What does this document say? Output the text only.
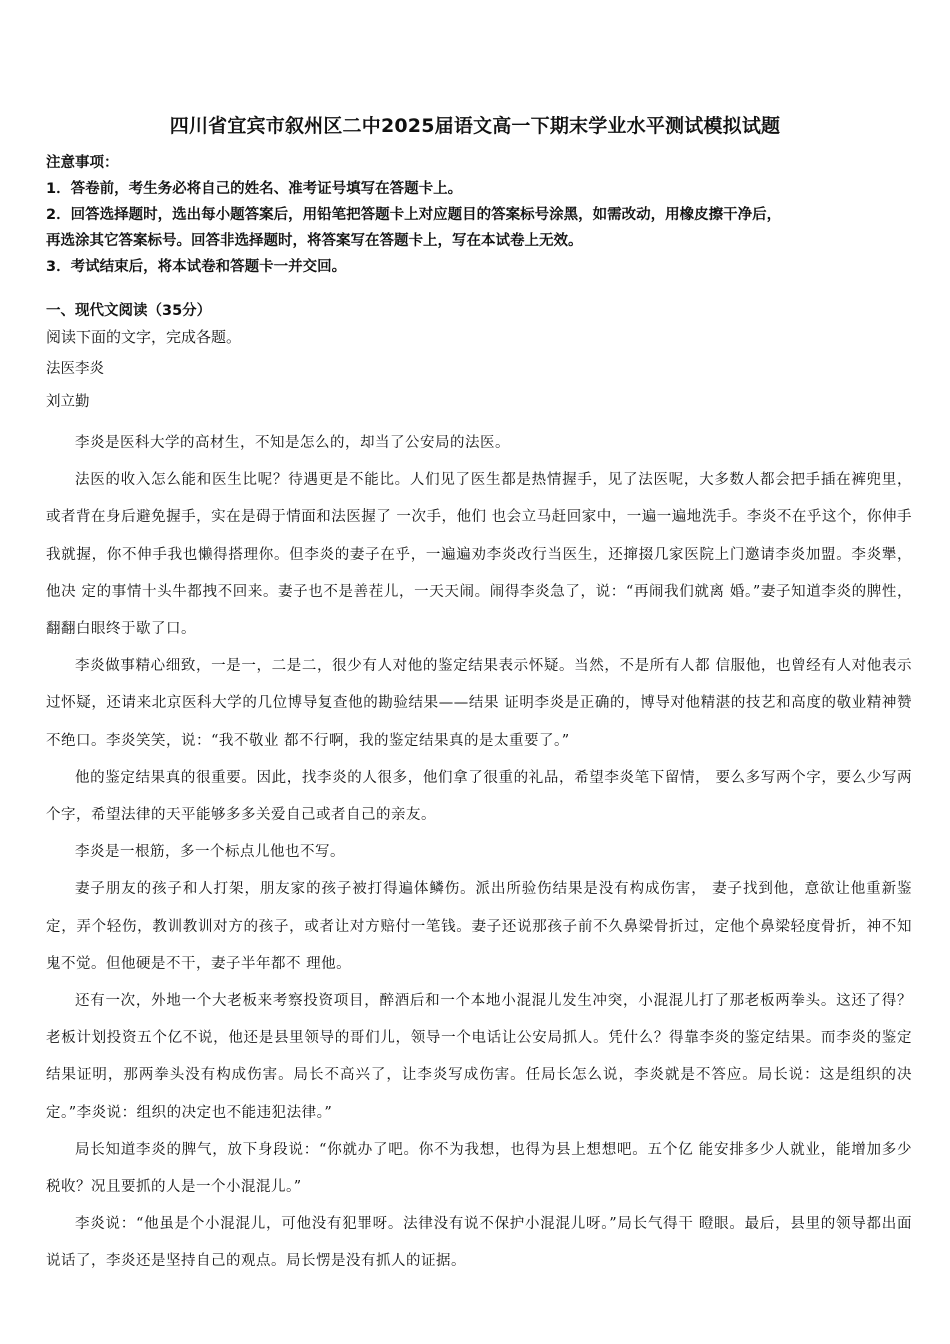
四川省宜宾市叙州区二中2025届语文高一下期末学业水平测试模拟试题
注意事项：
1．答卷前，考生务必将自己的姓名、准考证号填写在答题卡上。
2．回答选择题时，选出每小题答案后，用铅笔把答题卡上对应题目的答案标号涂黑，如需改动，用橡皮擦干净后，
再选涂其它答案标号。回答非选择题时，将答案写在答题卡上，写在本试卷上无效。
3．考试结束后，将本试卷和答题卡一并交回。
一、现代文阅读（35分）
阅读下面的文字，完成各题。
法医李炎
刘立勤

李炎是医科大学的高材生，不知是怎么的，却当了公安局的法医。

法医的收入怎么能和医生比呢？待遇更是不能比。人们见了医生都是热情握手，见了法医呢，大多数人都会把手插在裤兜里，或者背在身后避免握手，实在是碍于情面和法医握了 一次手，他们 也会立马赶回家中，一遍一遍地洗手。李炎不在乎这个，你伸手我就握，你不伸手我也懒得搭理你。但李炎的妻子在乎，一遍遍劝李炎改行当医生，还撺掇几家医院上门邀请李炎加盟。李炎犟，他决 定的事情十头牛都拽不回来。妻子也不是善茬儿，一天天闹。闹得李炎急了，说：“再闹我们就离 婚。”妻子知道李炎的脾性，翻翻白眼终于歇了口。

李炎做事精心细致，一是一，二是二，很少有人对他的鉴定结果表示怀疑。当然，不是所有人都 信服他，也曾经有人对他表示过怀疑，还请来北京医科大学的几位博导复查他的勘验结果——结果 证明李炎是正确的，博导对他精湛的技艺和高度的敬业精神赞不绝口。李炎笑笑，说：“我不敬业 都不行啊，我的鉴定结果真的是太重要了。”

他的鉴定结果真的很重要。因此，找李炎的人很多，他们拿了很重的礼品，希望李炎笔下留情， 要么多写两个字，要么少写两个字，希望法律的天平能够多多关爱自己或者自己的亲友。

李炎是一根筋，多一个标点儿他也不写。

妻子朋友的孩子和人打架，朋友家的孩子被打得遍体鳞伤。派出所验伤结果是没有构成伤害， 妻子找到他，意欲让他重新鉴定，弄个轻伤，教训教训对方的孩子，或者让对方赔付一笔钱。妻子还说那孩子前不久鼻梁骨折过，定他个鼻梁轻度骨折，神不知鬼不觉。但他硬是不干，妻子半年都不 理他。

还有一次，外地一个大老板来考察投资项目，醉酒后和一个本地小混混儿发生冲突，小混混儿打了那老板两拳头。这还了得？老板计划投资五个亿不说，他还是县里领导的哥们儿，领导一个电话让公安局抓人。凭什么？得靠李炎的鉴定结果。而李炎的鉴定结果证明，那两拳头没有构成伤害。局长不高兴了，让李炎写成伤害。任局长怎么说，李炎就是不答应。局长说：这是组织的决定。”李炎说：组织的决定也不能违犯法律。”

局长知道李炎的脾气，放下身段说：“你就办了吧。你不为我想，也得为县上想想吧。五个亿 能安排多少人就业，能增加多少税收？况且要抓的人是一个小混混儿。”

李炎说：“他虽是个小混混儿，可他没有犯罪呀。法律没有说不保护小混混儿呀。”局长气得干 瞪眼。最后，县里的领导都出面说话了，李炎还是坚持自己的观点。局长愣是没有抓人的证据。
